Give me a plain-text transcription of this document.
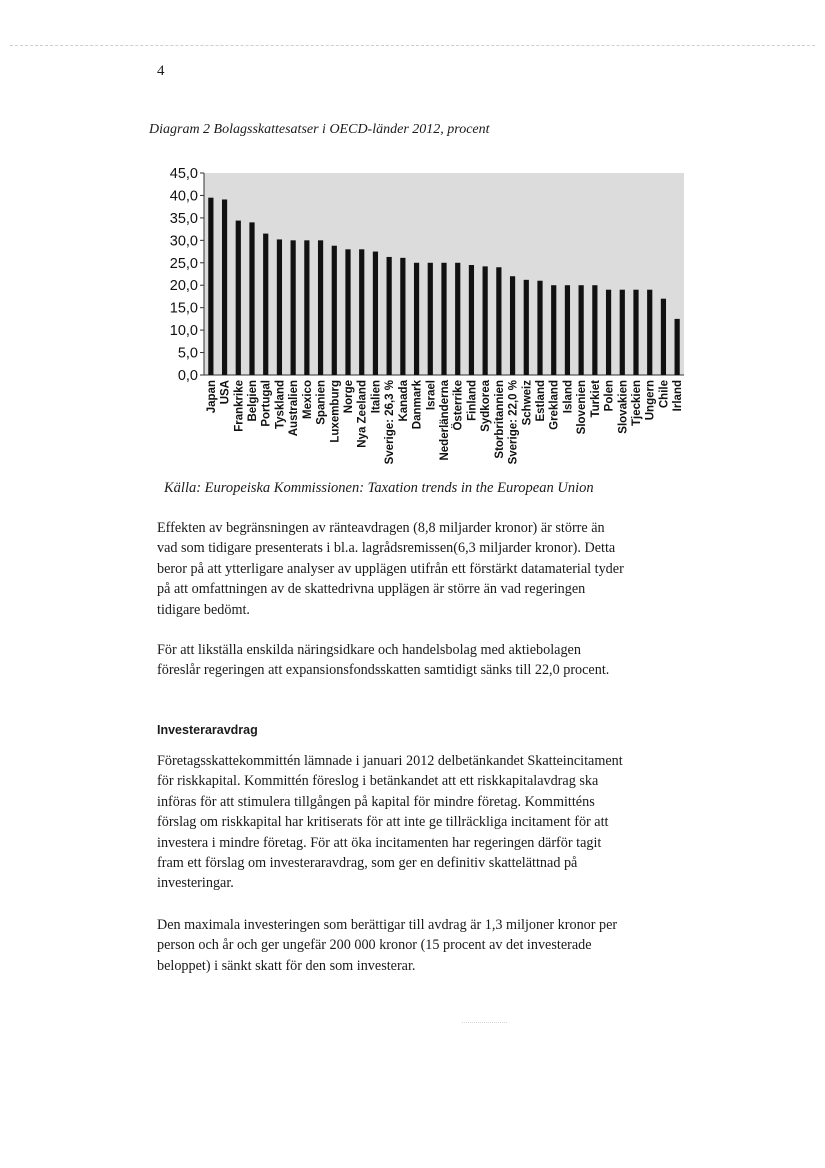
4
Diagram 2 Bolagsskattesatser i OECD-länder 2012, procent
0,0
5,0
10,0
15,0
20,0
25,0
30,0
35,0
40,0
45,0
Japan USA Frankrike Belgien Portugal Tyskland Australien Mexico Spanien Luxemburg Norge Nya Zeeland Italien Sverige: 26,3 % Kanada Danmark Israel Nederländerna Österrike Finland Sydkorea Storbritannien Sverige: 22,0 % Schweiz Estland Grekland Island Slovenien Turkiet Polen Slovakien Tjeckien Ungern Chile Irland
Källa: Europeiska Kommissionen: Taxation trends in the European Union

Effekten av begränsningen av ränteavdragen (8,8 miljarder kronor) är större än vad som tidigare presenterats i bl.a. lagrådsremissen(6,3 miljarder kronor). Detta beror på att ytterligare analyser av upplägen utifrån ett förstärkt datamaterial tyder på att omfattningen av de skattedrivna upplägen är större än vad regeringen tidigare bedömt.

För att likställa enskilda näringsidkare och handelsbolag med aktiebolagen föreslår regeringen att expansionsfondsskatten samtidigt sänks till 22,0 procent.

Investeraravdrag

Företagsskattekommittén lämnade i januari 2012 delbetänkandet Skatteincitament för riskkapital. Kommittén föreslog i betänkandet att ett riskkapitalavdrag ska införas för att stimulera tillgången på kapital för mindre företag. Kommitténs förslag om riskkapital har kritiserats för att inte ge tillräckliga incitament för att investera i mindre företag. För att öka incitamenten har regeringen därför tagit fram ett förslag om investeraravdrag, som ger en definitiv skattelättnad på investeringar.

Den maximala investeringen som berättigar till avdrag är 1,3 miljoner kronor per person och år och ger ungefär 200 000 kronor (15 procent av det investerade beloppet) i sänkt skatt för den som investerar.
